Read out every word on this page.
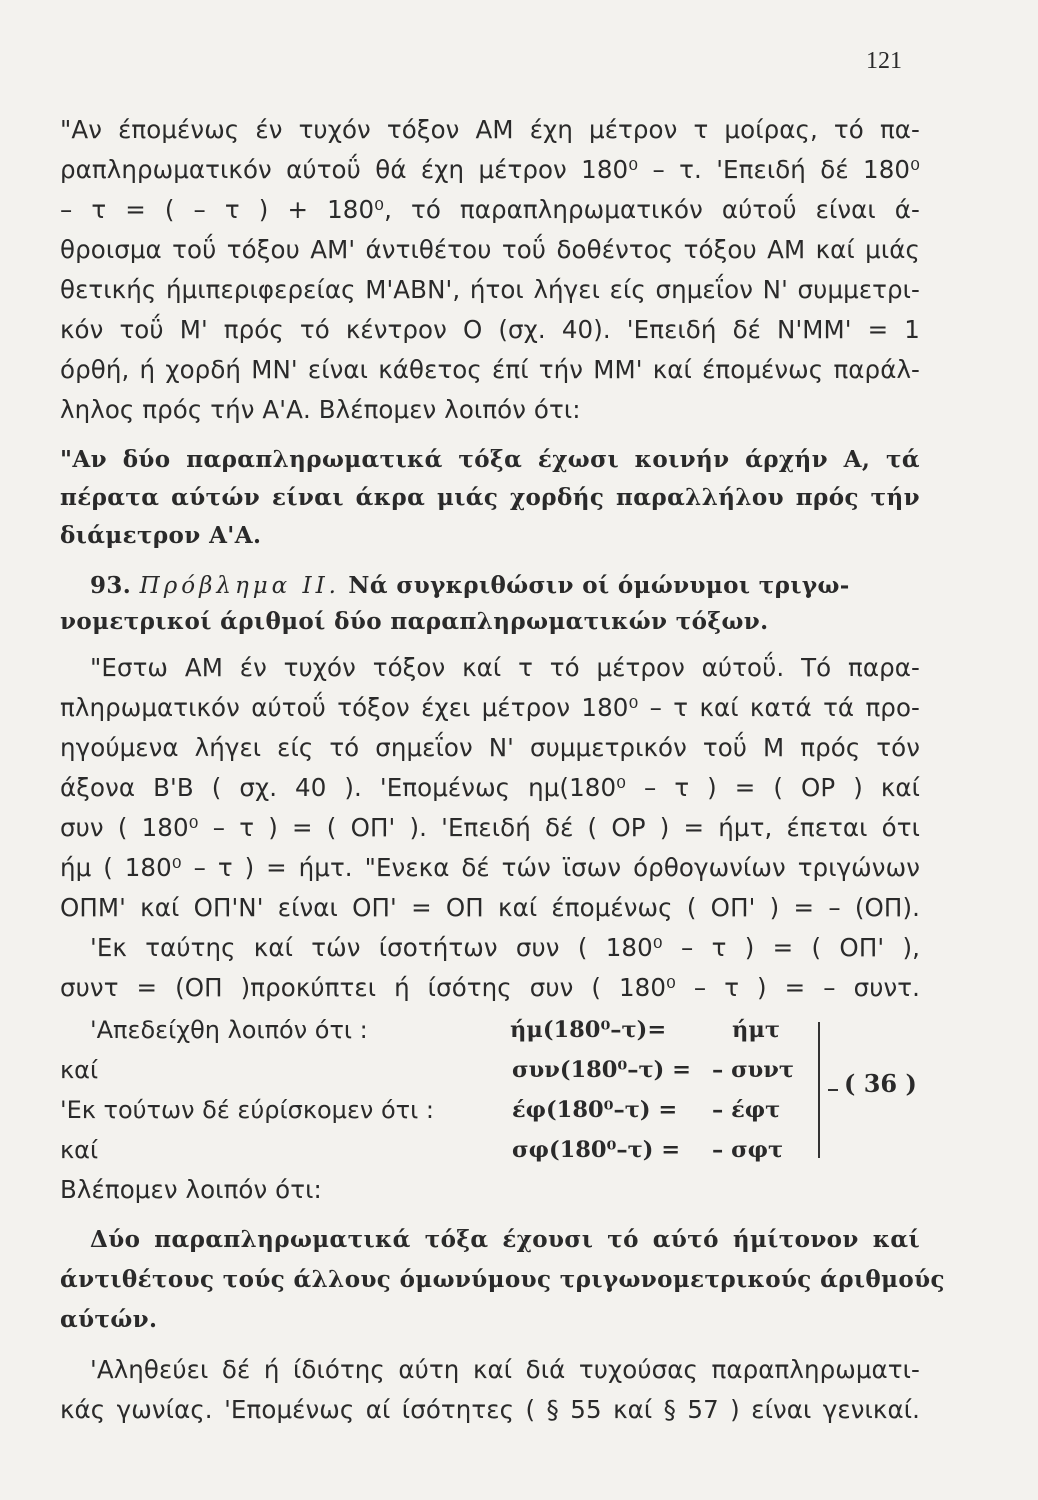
121
"Αν έπομένως έν τυχόν τόξον ΑΜ έχη μέτρον τ μοίρας, τό πα-
ραπληρωματικόν αύτοΰ θά έχη μέτρον 180⁰ – τ. 'Επειδή δέ 180⁰
– τ = ( – τ ) + 180⁰, τό παραπληρωματικόν αύτοΰ είναι ά-
θροισμα τοΰ τόξου ΑΜ' άντιθέτου τοΰ δοθέντος τόξου ΑΜ καί μιάς
θετικής ήμιπεριφερείας Μ'ΑΒΝ', ήτοι λήγει είς σημεΐον Ν' συμμετρι-
κόν τοΰ Μ' πρός τό κέντρον Ο (σχ. 40). 'Επειδή δέ Ν'ΜΜ' = 1
όρθή, ή χορδή ΜΝ' είναι κάθετος έπί τήν ΜΜ' καί έπομένως παράλ-
ληλος πρός τήν Α'Α. Βλέπομεν λοιπόν ότι:
"Αν δύο παραπληρωματικά τόξα έχωσι κοινήν άρχήν Α, τά
πέρατα αύτών είναι άκρα μιάς χορδής παραλλήλου πρός τήν
διάμετρον Α'Α.
93. Πρόβλημα ΙΙ. Νά συγκριθώσιν οί όμώνυμοι τριγω-
νομετρικοί άριθμοί δύο παραπληρωματικών τόξων.
"Εστω ΑΜ έν τυχόν τόξον καί τ τό μέτρον αύτοΰ. Τό παρα-
πληρωματικόν αύτοΰ τόξον έχει μέτρον 180⁰ – τ καί κατά τά προ-
ηγούμενα λήγει είς τό σημεΐον Ν' συμμετρικόν τοΰ Μ πρός τόν
άξονα Β'Β ( σχ. 40 ). 'Επομένως ημ(180⁰ – τ ) = ( ΟΡ ) καί
συν ( 180⁰ – τ ) = ( ΟΠ' ). 'Επειδή δέ ( ΟΡ ) = ήμτ, έπεται ότι
ήμ ( 180⁰ – τ ) = ήμτ. "Ενεκα δέ τών ϊσων όρθογωνίων τριγώνων
ΟΠΜ' καί ΟΠ'Ν' είναι ΟΠ' = ΟΠ καί έπομένως ( ΟΠ' ) = – (ΟΠ).
'Εκ ταύτης καί τών ίσοτήτων συν ( 180⁰ – τ ) = ( ΟΠ' ),
συντ = (ΟΠ )προκύπτει ή ίσότης συν ( 180⁰ – τ ) = – συντ.
'Απεδείχθη λοιπόν ότι :
καί
'Εκ τούτων δέ εύρίσκομεν ότι :
καί
ήμ(180⁰–τ)=
συν(180⁰–τ) =
έφ(180⁰–τ) =
σφ(180⁰–τ) =
ήμτ
– συντ
– έφτ
– σφτ
( 36 )
Βλέπομεν λοιπόν ότι:
Δύο παραπληρωματικά τόξα έχουσι τό αύτό ήμίτονον καί
άντιθέτους τούς άλλους όμωνύμους τριγωνομετρικούς άριθμούς
αύτών.
'Αληθεύει δέ ή ίδιότης αύτη καί διά τυχούσας παραπληρωματι-
κάς γωνίας. 'Επομένως αί ίσότητες ( § 55 καί § 57 ) είναι γενικαί.
